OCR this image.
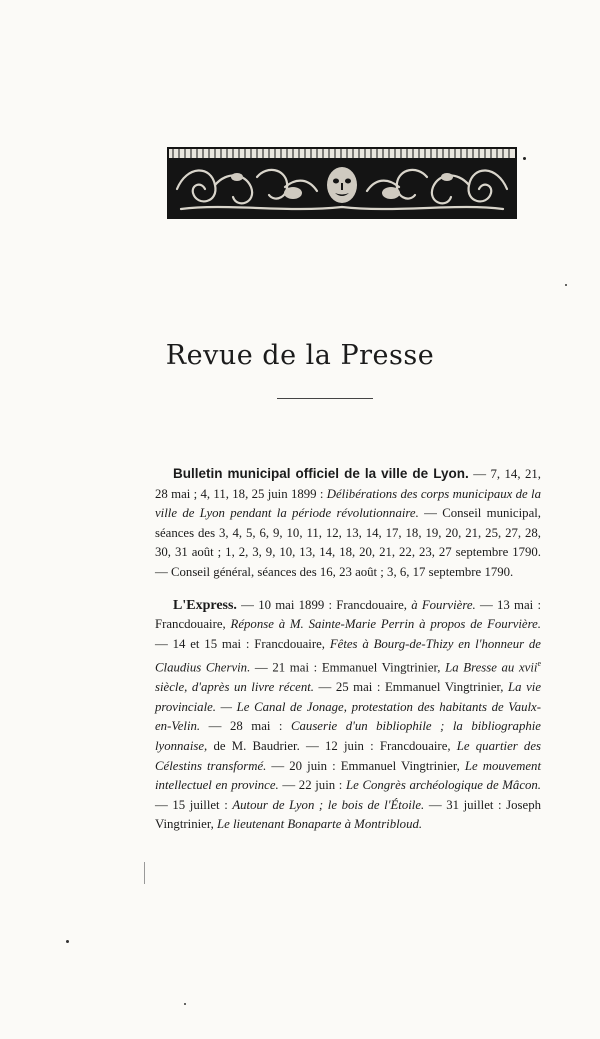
Revue de la Presse

Bulletin municipal officiel de la ville de Lyon. — 7, 14, 21, 28 mai ; 4, 11, 18, 25 juin 1899 : Délibérations des corps municipaux de la ville de Lyon pendant la période révolutionnaire. — Conseil municipal, séances des 3, 4, 5, 6, 9, 10, 11, 12, 13, 14, 17, 18, 19, 20, 21, 25, 27, 28, 30, 31 août ; 1, 2, 3, 9, 10, 13, 14, 18, 20, 21, 22, 23, 27 septembre 1790. — Conseil général, séances des 16, 23 août ; 3, 6, 17 septembre 1790.

L'Express. — 10 mai 1899 : Francdouaire, à Fourvière. — 13 mai : Francdouaire, Réponse à M. Sainte-Marie Perrin à propos de Fourvière. — 14 et 15 mai : Francdouaire, Fêtes à Bourg-de-Thizy en l'honneur de Claudius Chervin. — 21 mai : Emmanuel Vingtrinier, La Bresse au xvii$^e$ siècle, d'après un livre récent. — 25 mai : Emmanuel Vingtrinier, La vie provinciale. — Le Canal de Jonage, protestation des habitants de Vaulx-en-Velin. — 28 mai : Causerie d'un bibliophile ; la bibliographie lyonnaise, de M. Baudrier. — 12 juin : Francdouaire, Le quartier des Célestins transformé. — 20 juin : Emmanuel Vingtrinier, Le mouvement intellectuel en province. — 22 juin : Le Congrès archéologique de Mâcon. — 15 juillet : Autour de Lyon ; le bois de l'Étoile. — 31 juillet : Joseph Vingtrinier, Le lieutenant Bonaparte à Montribloud.
